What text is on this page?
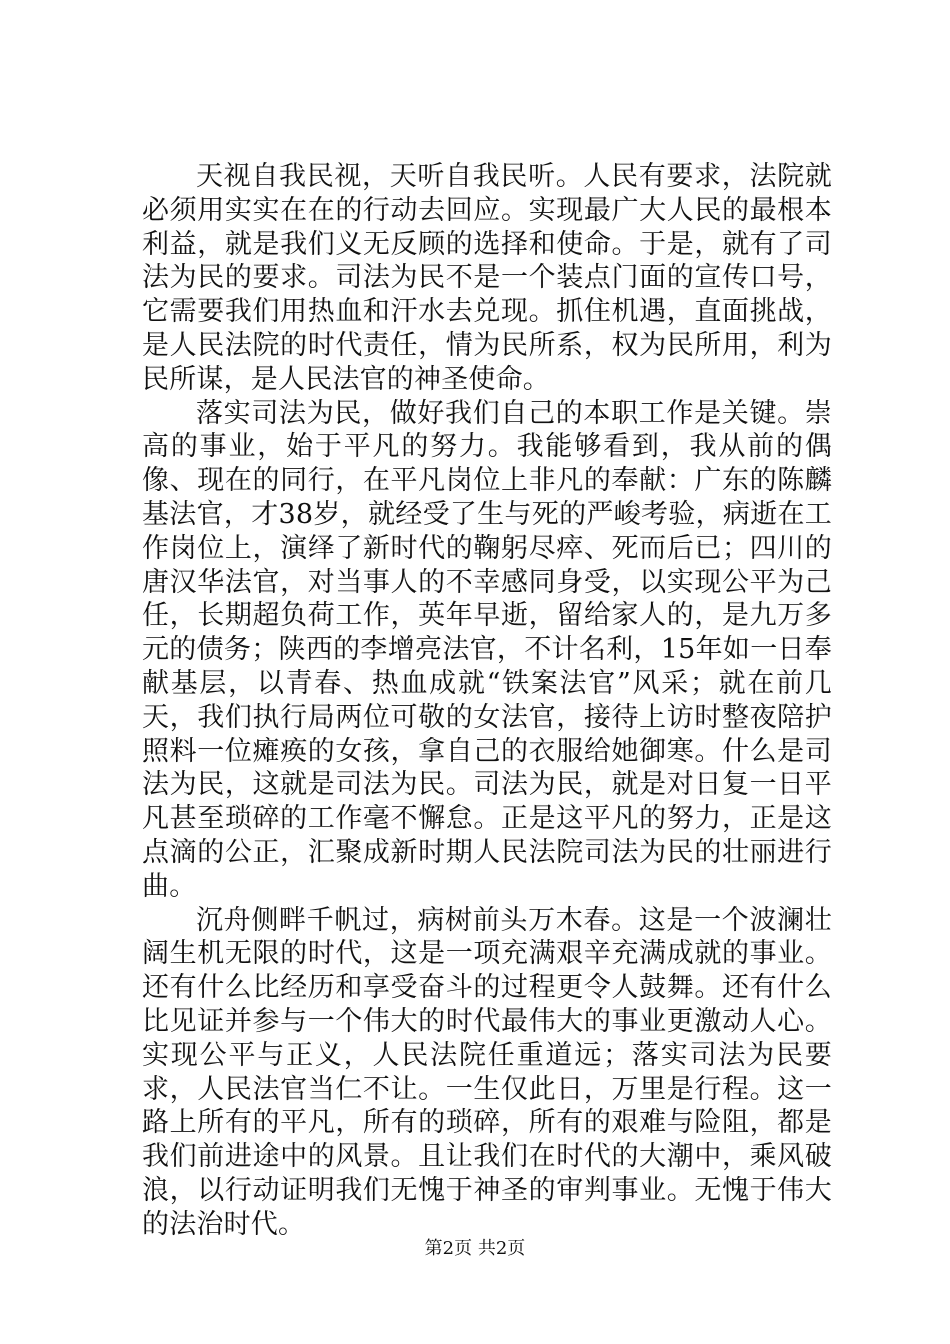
天视自我民视，天听自我民听。人民有要求，法院就必须用实实在在的行动去回应。实现最广大人民的最根本利益，就是我们义无反顾的选择和使命。于是，就有了司法为民的要求。司法为民不是一个装点门面的宣传口号，它需要我们用热血和汗水去兑现。抓住机遇，直面挑战，是人民法院的时代责任，情为民所系，权为民所用，利为民所谋，是人民法官的神圣使命。

落实司法为民，做好我们自己的本职工作是关键。崇高的事业，始于平凡的努力。我能够看到，我从前的偶像、现在的同行，在平凡岗位上非凡的奉献：广东的陈麟基法官，才38岁，就经受了生与死的严峻考验，病逝在工作岗位上，演绎了新时代的鞠躬尽瘁、死而后已；四川的唐汉华法官，对当事人的不幸感同身受，以实现公平为己任，长期超负荷工作，英年早逝，留给家人的，是九万多元的债务；陕西的李增亮法官，不计名利，15年如一日奉献基层，以青春、热血成就“铁案法官”风采；就在前几天，我们执行局两位可敬的女法官，接待上访时整夜陪护照料一位瘫痪的女孩，拿自己的衣服给她御寒。什么是司法为民，这就是司法为民。司法为民，就是对日复一日平凡甚至琐碎的工作毫不懈怠。正是这平凡的努力，正是这点滴的公正，汇聚成新时期人民法院司法为民的壮丽进行曲。

沉舟侧畔千帆过，病树前头万木春。这是一个波澜壮阔生机无限的时代，这是一项充满艰辛充满成就的事业。还有什么比经历和享受奋斗的过程更令人鼓舞。还有什么比见证并参与一个伟大的时代最伟大的事业更激动人心。实现公平与正义，人民法院任重道远；落实司法为民要求，人民法官当仁不让。一生仅此日，万里是行程。这一路上所有的平凡，所有的琐碎，所有的艰难与险阻，都是我们前进途中的风景。且让我们在时代的大潮中，乘风破浪，以行动证明我们无愧于神圣的审判事业。无愧于伟大的法治时代。

第2页 共2页
